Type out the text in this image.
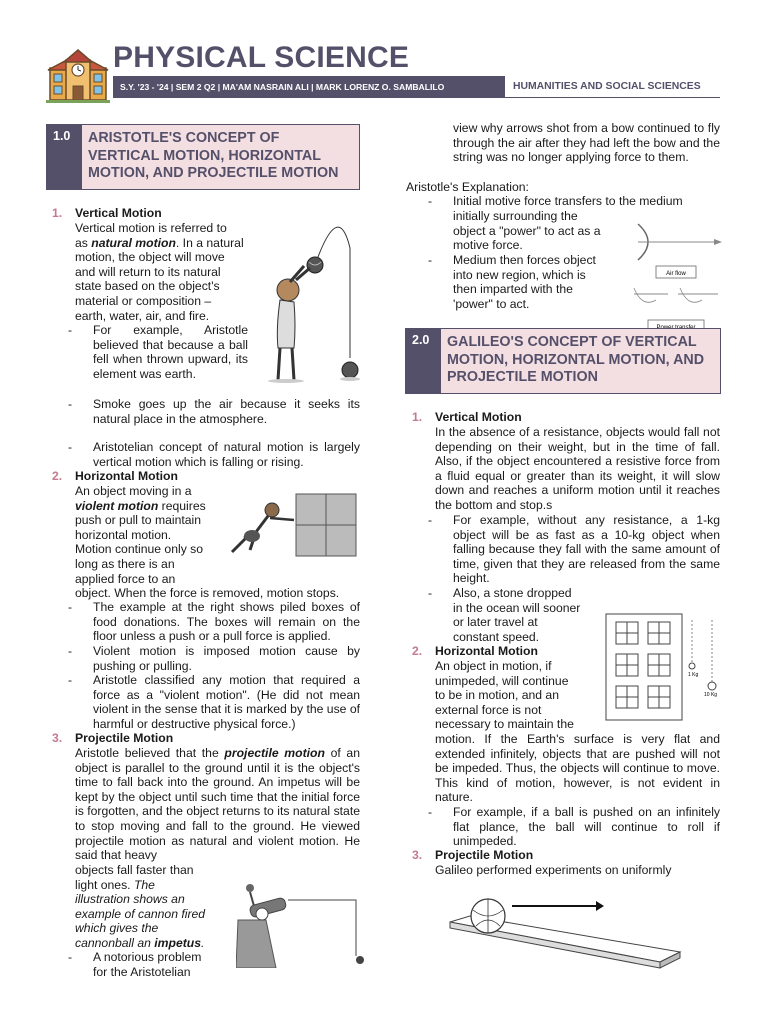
PHYSICAL SCIENCE
S.Y. '23 - '24 | SEM 2 Q2 | MA'AM NASRAIN ALI | MARK LORENZ O. SAMBALILO	HUMANITIES AND SOCIAL SCIENCES
1.0	ARISTOTLE'S CONCEPT OF VERTICAL MOTION, HORIZONTAL MOTION, AND PROJECTILE MOTION
1. Vertical Motion
Vertical motion is referred to
as natural motion. In a natural
motion, the object will move
and will return to its natural
state based on the object's
material or composition –
earth, water, air, and fire.
- For example, Aristotle believed that because a ball fell when thrown upward, its element was earth.
- Smoke goes up the air because it seeks its natural place in the atmosphere.
- Aristotelian concept of natural motion is largely vertical motion which is falling or rising.
2. Horizontal Motion
An object moving in a
violent motion requires
push or pull to maintain
horizontal motion.
Motion continue only so
long as there is an
applied force to an
object. When the force is removed, motion stops.
- The example at the right shows piled boxes of food donations. The boxes will remain on the floor unless a push or a pull force is applied.
- Violent motion is imposed motion cause by pushing or pulling.
- Aristotle classified any motion that required a force as a "violent motion". (He did not mean violent in the sense that it is marked by the use of harmful or destructive physical force.)
3. Projectile Motion
Aristotle believed that the projectile motion of an object is parallel to the ground until it is the object's time to fall back into the ground. An impetus will be kept by the object until such time that the initial force is forgotten, and the object returns to its natural state to stop moving and fall to the ground. He viewed projectile motion as natural and violent motion. He said that heavy
objects fall faster than
light ones. The
illustration shows an
example of cannon fired
which gives the
cannonball an impetus.
- A notorious problem
for the Aristotelian
view why arrows shot from a bow continued to fly through the air after they had left the bow and the string was no longer applying force to them.
Aristotle's Explanation:
- Initial motive force transfers to the medium
initially surrounding the
object a "power" to act as a
motive force.
- Medium then forces object
into new region, which is
then imparted with the
'power" to act.
Air flow
2.0	GALILEO'S CONCEPT OF VERTICAL MOTION, HORIZONTAL MOTION, AND PROJECTILE MOTION
1. Vertical Motion
In the absence of a resistance, objects would fall not depending on their weight, but in the time of fall. Also, if the object encountered a resistive force from a fluid equal or greater than its weight, it will slow down and reaches a uniform motion until it reaches the bottom and stop.s
- For example, without any resistance, a 1-kg object will be as fast as a 10-kg object when falling because they fall with the same amount of time, given that they are released from the same height.
- Also, a stone dropped
in the ocean will sooner
or later travel at
constant speed.
1 Kg
10 Kg
2. Horizontal Motion
An object in motion, if
unimpeded, will continue
to be in motion, and an
external force is not
necessary to maintain the
motion. If the Earth's surface is very flat and extended infinitely, objects that are pushed will not be impeded. Thus, the objects will continue to move. This kind of motion, however, is not evident in nature.
- For example, if a ball is pushed on an infinitely flat plance, the ball will continue to roll if unimpeded.
3. Projectile Motion
Galileo performed experiments on uniformly
